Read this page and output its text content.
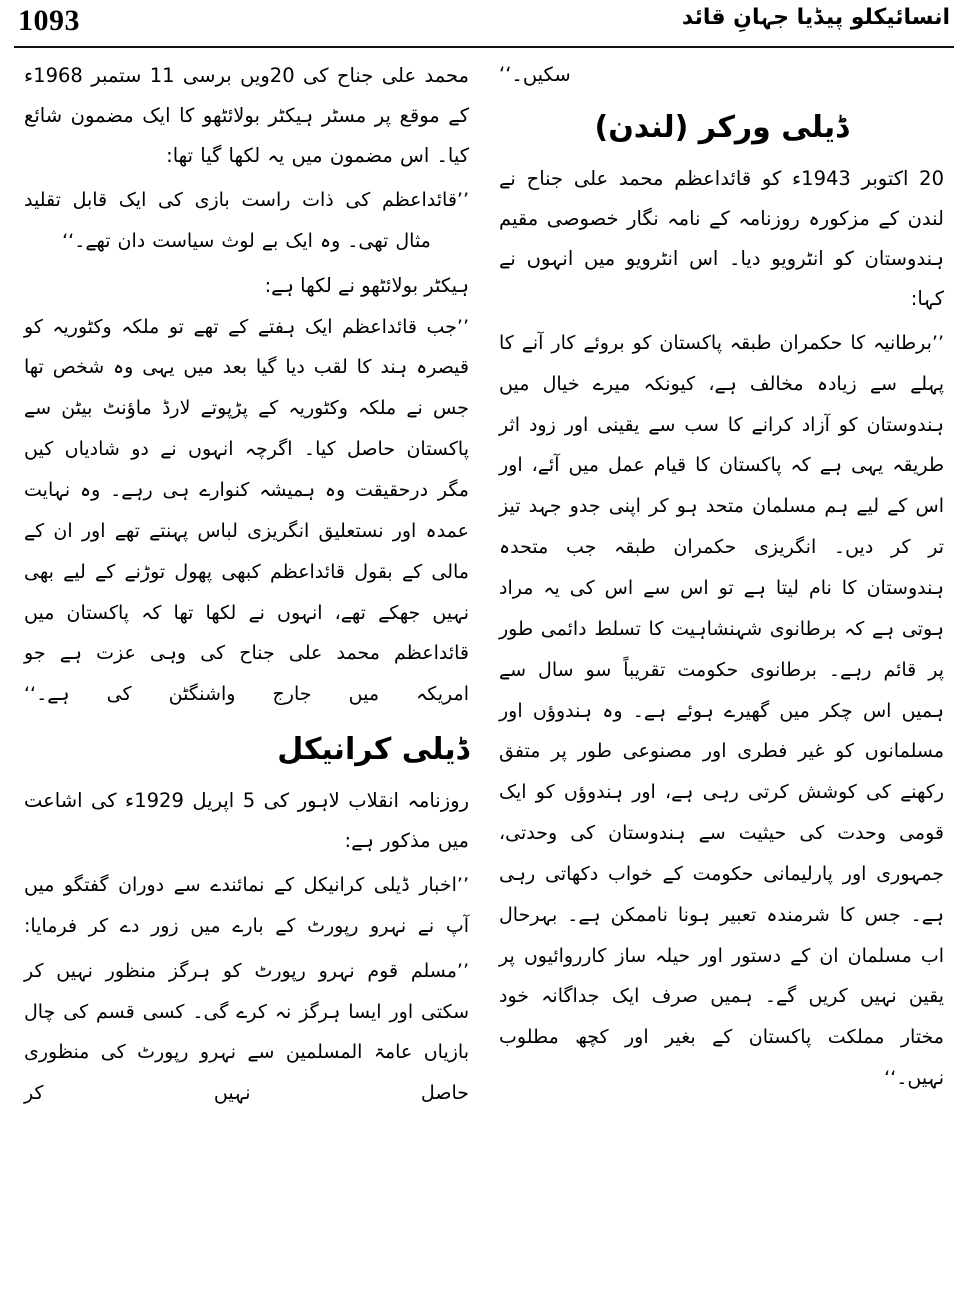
1093	انسائیکلو پیڈیا جہانِ قائد

محمد علی جناح کی 20ویں برسی 11 ستمبر 1968ء کے موقع پر مسٹر ہیکٹر بولائٹھو کا ایک مضمون شائع کیا۔ اس مضمون میں یہ لکھا گیا تھا:

’’قائداعظم کی ذات راست بازی کی ایک قابل تقلید مثال تھی۔ وہ ایک بے لوث سیاست دان تھے۔‘‘

ہیکٹر بولائٹھو نے لکھا ہے:

’’جب قائداعظم ایک ہفتے کے تھے تو ملکہ وکٹوریہ کو قیصرہ ہند کا لقب دیا گیا بعد میں یہی وہ شخص تھا جس نے ملکہ وکٹوریہ کے پڑپوتے لارڈ ماؤنٹ بیٹن سے پاکستان حاصل کیا۔ اگرچہ انہوں نے دو شادیاں کیں مگر درحقیقت وہ ہمیشہ کنوارے ہی رہے۔ وہ نہایت عمدہ اور نستعلیق انگریزی لباس پہنتے تھے اور ان کے مالی کے بقول قائداعظم کبھی پھول توڑنے کے لیے بھی نہیں جھکے تھے، انہوں نے لکھا تھا کہ پاکستان میں قائداعظم محمد علی جناح کی وہی عزت ہے جو امریکہ میں جارج واشنگٹن کی ہے۔‘‘

ڈیلی کرانیکل

روزنامہ انقلاب لاہور کی 5 اپریل 1929ء کی اشاعت میں مذکور ہے:

’’اخبار ڈیلی کرانیکل کے نمائندے سے دوران گفتگو میں آپ نے نہرو رپورٹ کے بارے میں زور دے کر فرمایا:

’’مسلم قوم نہرو رپورٹ کو ہرگز منظور نہیں کر سکتی اور ایسا ہرگز نہ کرے گی۔ کسی قسم کی چال بازیاں عامۃ المسلمین سے نہرو رپورٹ کی منظوری حاصل نہیں کر

سکیں۔‘‘

ڈیلی ورکر (لندن)

20 اکتوبر 1943ء کو قائداعظم محمد علی جناح نے لندن کے مزکورہ روزنامہ کے نامہ نگار خصوصی مقیم ہندوستان کو انٹرویو دیا۔ اس انٹرویو میں انہوں نے کہا:

’’برطانیہ کا حکمران طبقہ پاکستان کو بروئے کار آنے کا پہلے سے زیادہ مخالف ہے، کیونکہ میرے خیال میں ہندوستان کو آزاد کرانے کا سب سے یقینی اور زود اثر طریقہ یہی ہے کہ پاکستان کا قیام عمل میں آئے، اور اس کے لیے ہم مسلمان متحد ہو کر اپنی جدو جہد تیز تر کر دیں۔ انگریزی حکمران طبقہ جب متحدہ ہندوستان کا نام لیتا ہے تو اس سے اس کی یہ مراد ہوتی ہے کہ برطانوی شہنشاہیت کا تسلط دائمی طور پر قائم رہے۔ برطانوی حکومت تقریباً سو سال سے ہمیں اس چکر میں گھیرے ہوئے ہے۔ وہ ہندوؤں اور مسلمانوں کو غیر فطری اور مصنوعی طور پر متفق رکھنے کی کوشش کرتی رہی ہے، اور ہندوؤں کو ایک قومی وحدت کی حیثیت سے ہندوستان کی وحدتی، جمہوری اور پارلیمانی حکومت کے خواب دکھاتی رہی ہے۔ جس کا شرمندہ تعبیر ہونا ناممکن ہے۔ بہرحال اب مسلمان ان کے دستور اور حیلہ ساز کارروائیوں پر یقین نہیں کریں گے۔ ہمیں صرف ایک جداگانہ خود مختار مملکت پاکستان کے بغیر اور کچھ مطلوب نہیں۔‘‘
